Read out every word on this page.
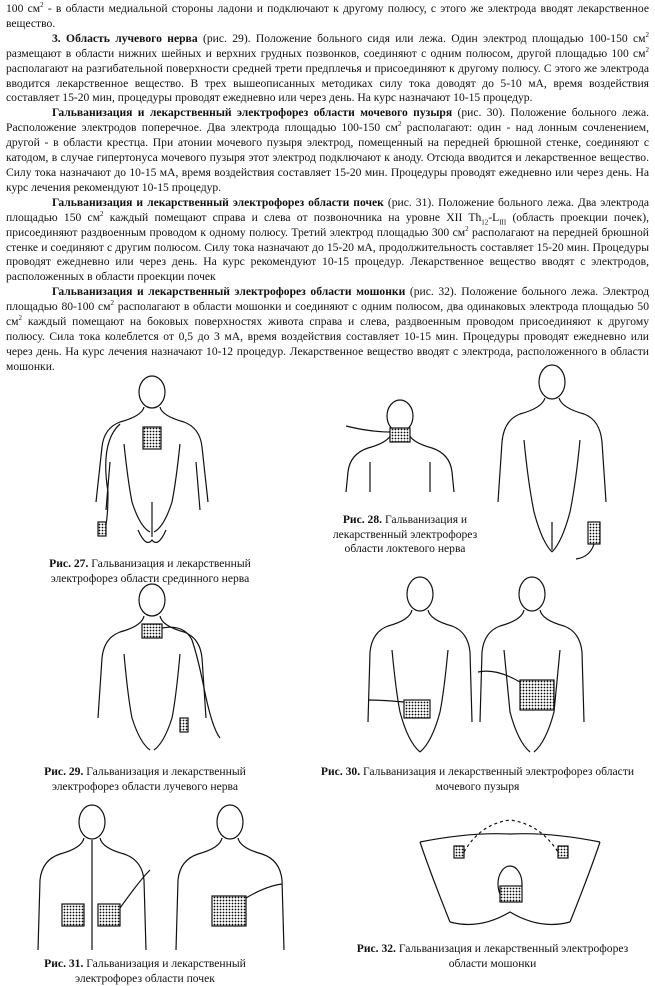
100 $см^2$ - в области медиальной стороны ладони и подключают к другому полюсу, с этого же электрода вводят лекарственное вещество.

3. Область лучевого нерва (рис. 29). Положение больного сидя или лежа. Один электрод площадью 100-150 $см^2$ размещают в области нижних шейных и верхних грудных позвонков, соединяют с одним полюсом, другой площадью 100 $см^2$ располагают на разгибательной поверхности средней трети предплечья и присоединяют к другому полюсу. С этого же электрода вводится лекарственное вещество. В трех вышеописанных методиках силу тока доводят до 5-10 мА, время воздействия составляет 15-20 мин, процедуры проводят ежедневно или через день. На курс назначают 10-15 процедур.

Гальванизация и лекарственный электрофорез области мочевого пузыря (рис. 30). Положение больного лежа. Расположение электродов поперечное. Два электрода площадью 100-150 $см^2$ располагают: один - над лонным сочленением, другой - в области крестца. При атонии мочевого пузыря электрод, помещенный на передней брюшной стенке, соединяют с катодом, в случае гипертонуса мочевого пузыря этот электрод подключают к аноду. Отсюда вводится и лекарственное вещество. Силу тока назначают до 10-15 мА, время воздействия составляет 15-20 мин. Процедуры проводят ежедневно или через день. На курс лечения рекомендуют 10-15 процедур.

Гальванизация и лекарственный электрофорез области почек (рис. 31). Положение больного лежа. Два электрода площадью 150 $см^2$ каждый помещают справа и слева от позвоночника на уровне XII $Th_{12}-L_{III}$ (область проекции почек), присоединяют раздвоенным проводом к одному полюсу. Третий электрод площадью 300 $см^2$ располагают на передней брюшной стенке и соединяют с другим полюсом. Силу тока назначают до 15-20 мА, продолжительность составляет 15-20 мин. Процедуры проводят ежедневно или через день. На курс рекомендуют 10-15 процедур. Лекарственное вещество вводят с электродов, расположенных в области проекции почек

Гальванизация и лекарственный электрофорез области мошонки (рис. 32). Положение больного лежа. Электрод площадью 80-100 $см^2$ располагают в области мошонки и соединяют с одним полюсом, два одинаковых электрода площадью 50 $см^2$ каждый помещают на боковых поверхностях живота справа и слева, раздвоенным проводом присоединяют к другому полюсу. Сила тока колеблется от 0,5 до 3 мА, время воздействия составляет 10-15 мин. Процедуры проводят ежедневно или через день. На курс лечения назначают 10-12 процедур. Лекарственное вещество вводят с электрода, расположенного в области мошонки.

Рис. 27. Гальванизация и лекарственный
электрофорез области срединного нерва
Рис. 28. Гальванизация и
лекарственный электрофорез
области локтевого нерва
Рис. 29. Гальванизация и лекарственный
электрофорез области лучевого нерва
Рис. 30. Гальванизация и лекарственный электрофорез области
мочевого пузыря
Рис. 31. Гальванизация и лекарственный
электрофорез области почек
Рис. 32. Гальванизация и лекарственный электрофорез
области мошонки
